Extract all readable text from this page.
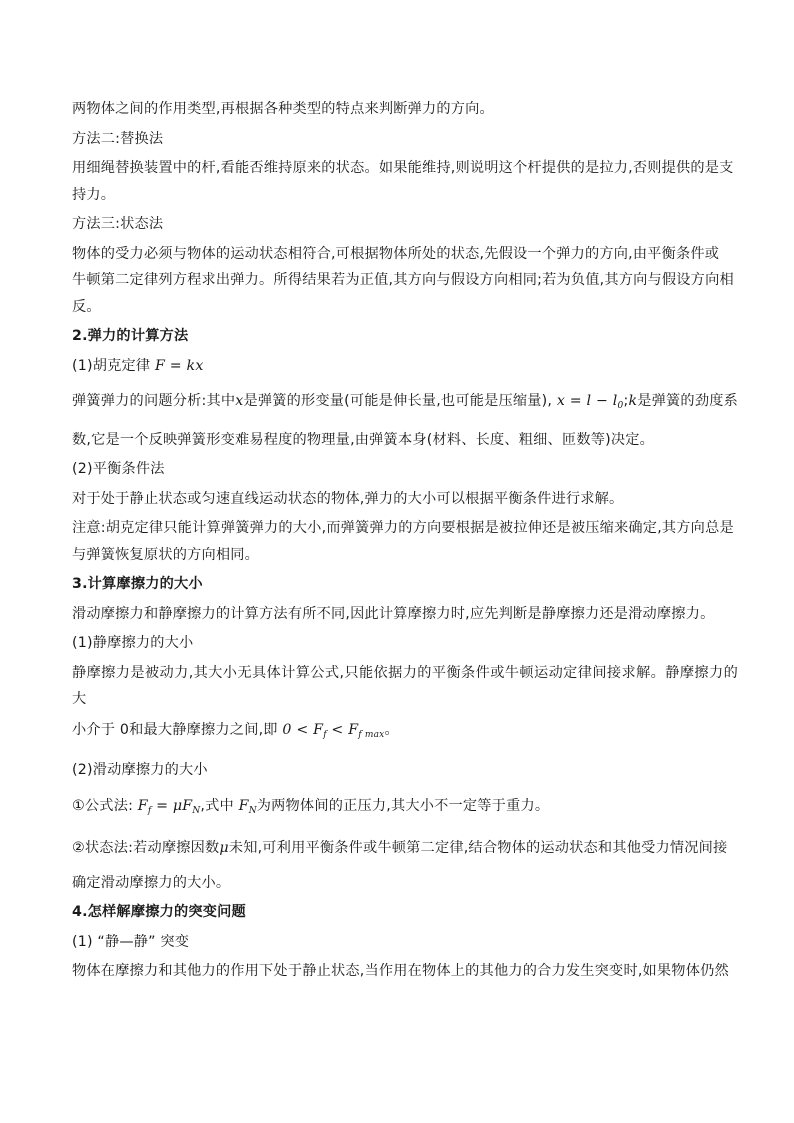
两物体之间的作用类型,再根据各种类型的特点来判断弹力的方向。

方法二:替换法

用细绳替换装置中的杆,看能否维持原来的状态。如果能维持,则说明这个杆提供的是拉力,否则提供的是支

持力。

方法三:状态法

物体的受力必须与物体的运动状态相符合,可根据物体所处的状态,先假设一个弹力的方向,由平衡条件或

牛顿第二定律列方程求出弹力。所得结果若为正值,其方向与假设方向相同;若为负值,其方向与假设方向相

反。

2.弹力的计算方法

(1)胡克定律 F = kx

弹簧弹力的问题分析:其中x是弹簧的形变量(可能是伸长量,也可能是压缩量), $x = l - l_0;k$是弹簧的劲度系

数,它是一个反映弹簧形变难易程度的物理量,由弹簧本身(材料、长度、粗细、匝数等)决定。

(2)平衡条件法

对于处于静止状态或匀速直线运动状态的物体,弹力的大小可以根据平衡条件进行求解。

注意:胡克定律只能计算弹簧弹力的大小,而弹簧弹力的方向要根据是被拉伸还是被压缩来确定,其方向总是

与弹簧恢复原状的方向相同。

3.计算摩擦力的大小

滑动摩擦力和静摩擦力的计算方法有所不同,因此计算摩擦力时,应先判断是静摩擦力还是滑动摩擦力。

(1)静摩擦力的大小

静摩擦力是被动力,其大小无具体计算公式,只能依据力的平衡条件或牛顿运动定律间接求解。静摩擦力的大

小介于 0和最大静摩擦力之间,即 $0 < F_f < F_{f max}$。

(2)滑动摩擦力的大小

①公式法: $F_f = \mu F_N$,式中 $F_N$为两物体间的正压力,其大小不一定等于重力。

②状态法:若动摩擦因数μ未知,可利用平衡条件或牛顿第二定律,结合物体的运动状态和其他受力情况间接

确定滑动摩擦力的大小。

4.怎样解摩擦力的突变问题

(1) “静—静” 突变

物体在摩擦力和其他力的作用下处于静止状态,当作用在物体上的其他力的合力发生突变时,如果物体仍然
